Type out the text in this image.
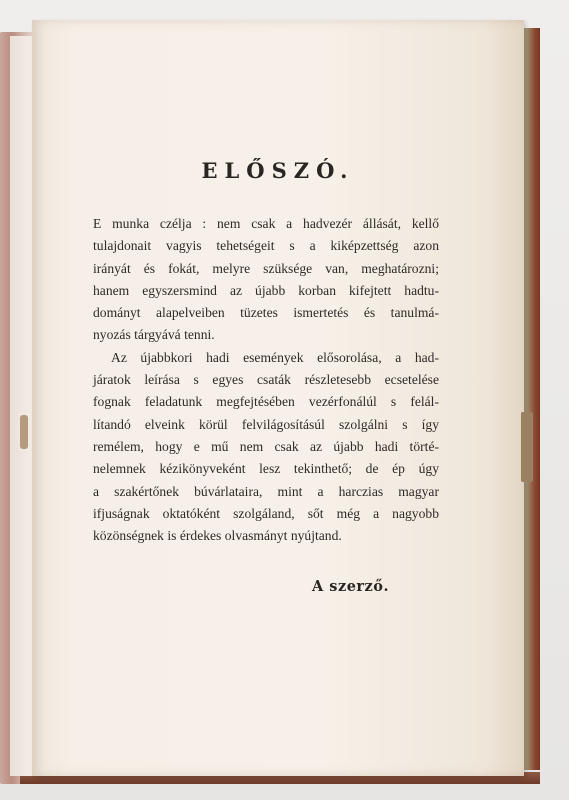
ELŐSZÓ.
E munka czélja : nem csak a hadvezér állását, kellő
tulajdonait vagyis tehetségeit s a kiképzettség azon
irányát és fokát, melyre szüksége van, meghatározni;
hanem egyszersmind az újabb korban kifejtett hadtu-
dományt alapelveiben tüzetes ismertetés és tanulmá-
nyozás tárgyává tenni.
Az újabbkori hadi események elősorolása, a had-
járatok leírása s egyes csaták részletesebb ecsetelése
fognak feladatunk megfejtésében vezérfonálúl s felál-
lítandó elveink körül felvilágosításúl szolgálni s így
remélem, hogy e mű nem csak az újabb hadi törté-
nelemnek kézikönyveként lesz tekinthető; de ép úgy
a szakértőnek búvárlataira, mint a harczias magyar
ifjuságnak oktatóként szolgáland, sőt még a nagyobb
közönségnek is érdekes olvasmányt nyújtand.
A szerző.
